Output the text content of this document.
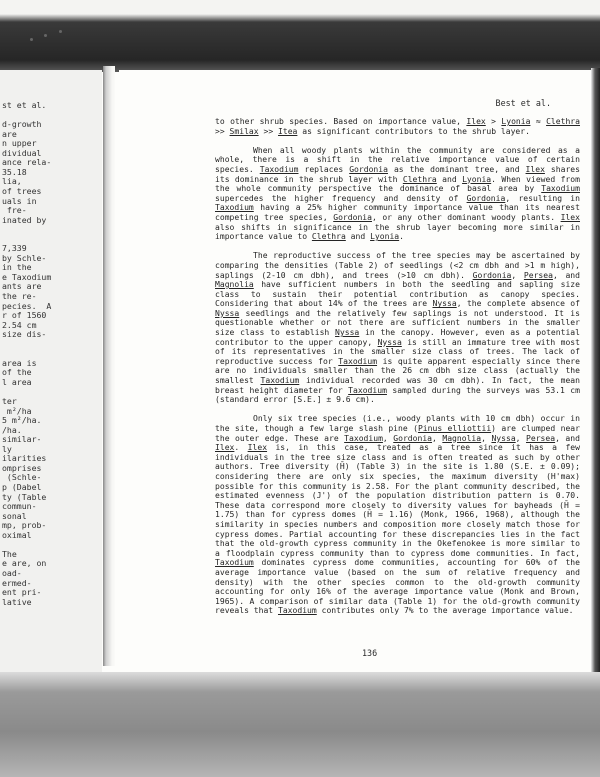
st et al.
d-growth
are
n upper
dividual
ance rela-
35.18
lia,
of trees
uals in
fre-
inated by
7,339
by Schle-
in the
e Taxodium
ants are
the re-
pecies.  A
r of 1560
2.54 cm
size dis-
area is
of the
l area
ter
m²/ha
5 m²/ha.
/ha.
similar-
ly
ilarities
omprises
(Schle-
p (Dabel
ty (Table
commun-
sonal
mp, prob-
oximal
The
e are, on
oad-
ermed-
ent pri-
lative
Best et al.

to other shrub species. Based on importance value, Ilex > Lyonia ≈ Clethra >> Smilax >> Itea as significant contributors to the shrub layer.

When all woody plants within the community are considered as a whole, there is a shift in the relative importance value of certain species. Taxodium replaces Gordonia as the dominant tree, and Ilex shares its dominance in the shrub layer with Clethra and Lyonia. When viewed from the whole community perspective the dominance of basal area by Taxodium supercedes the higher frequency and density of Gordonia, resulting in Taxodium having a 25% higher community importance value than its nearest competing tree species, Gordonia, or any other dominant woody plants. Ilex also shifts in significance in the shrub layer becoming more similar in importance value to Clethra and Lyonia.

The reproductive success of the tree species may be ascertained by comparing the densities (Table 2) of seedlings (<2 cm dbh and >1 m high), saplings (2-10 cm dbh), and trees (>10 cm dbh). Gordonia, Persea, and Magnolia have sufficient numbers in both the seedling and sapling size class to sustain their potential contribution as canopy species. Considering that about 14% of the trees are Nyssa, the complete absence of Nyssa seedlings and the relatively few saplings is not understood. It is questionable whether or not there are sufficient numbers in the smaller size class to establish Nyssa in the canopy. However, even as a potential contributor to the upper canopy, Nyssa is still an immature tree with most of its representatives in the smaller size class of trees. The lack of reproductive success for Taxodium is quite apparent especially since there are no individuals smaller than the 26 cm dbh size class (actually the smallest Taxodium individual recorded was 30 cm dbh). In fact, the mean breast height diameter for Taxodium sampled during the surveys was 53.1 cm (standard error [S.E.] ± 9.6 cm).

Only six tree species (i.e., woody plants with 10 cm dbh) occur in the site, though a few large slash pine (Pinus elliottii) are clumped near the outer edge. These are Taxodium, Gordonia, Magnolia, Nyssa, Persea, and Ilex. Ilex is, in this case, treated as a tree since it has a few individuals in the tree size class and is often treated as such by other authors. Tree diversity (H̄) (Table 3) in the site is 1.80 (S.E. ± 0.09); considering there are only six species, the maximum diversity (H'max) possible for this community is 2.58. For the plant community described, the estimated evenness (J') of the population distribution pattern is 0.70. These data correspond more closely to diversity values for bayheads (H̄ = 1.75) than for cypress domes (H̄ = 1.16) (Monk, 1966, 1968), although the similarity in species numbers and composition more closely match those for cypress domes. Partial accounting for these discrepancies lies in the fact that the old-growth cypress community in the Okefenokee is more similar to a floodplain cypress community than to cypress dome communities. In fact, Taxodium dominates cypress dome communities, accounting for 60% of the average importance value (based on the sum of relative frequency and density) with the other species common to the old-growth community accounting for only 16% of the average importance value (Monk and Brown, 1965). A comparison of similar data (Table 1) for the old-growth community reveals that Taxodium contributes only 7% to the average importance value.

136
